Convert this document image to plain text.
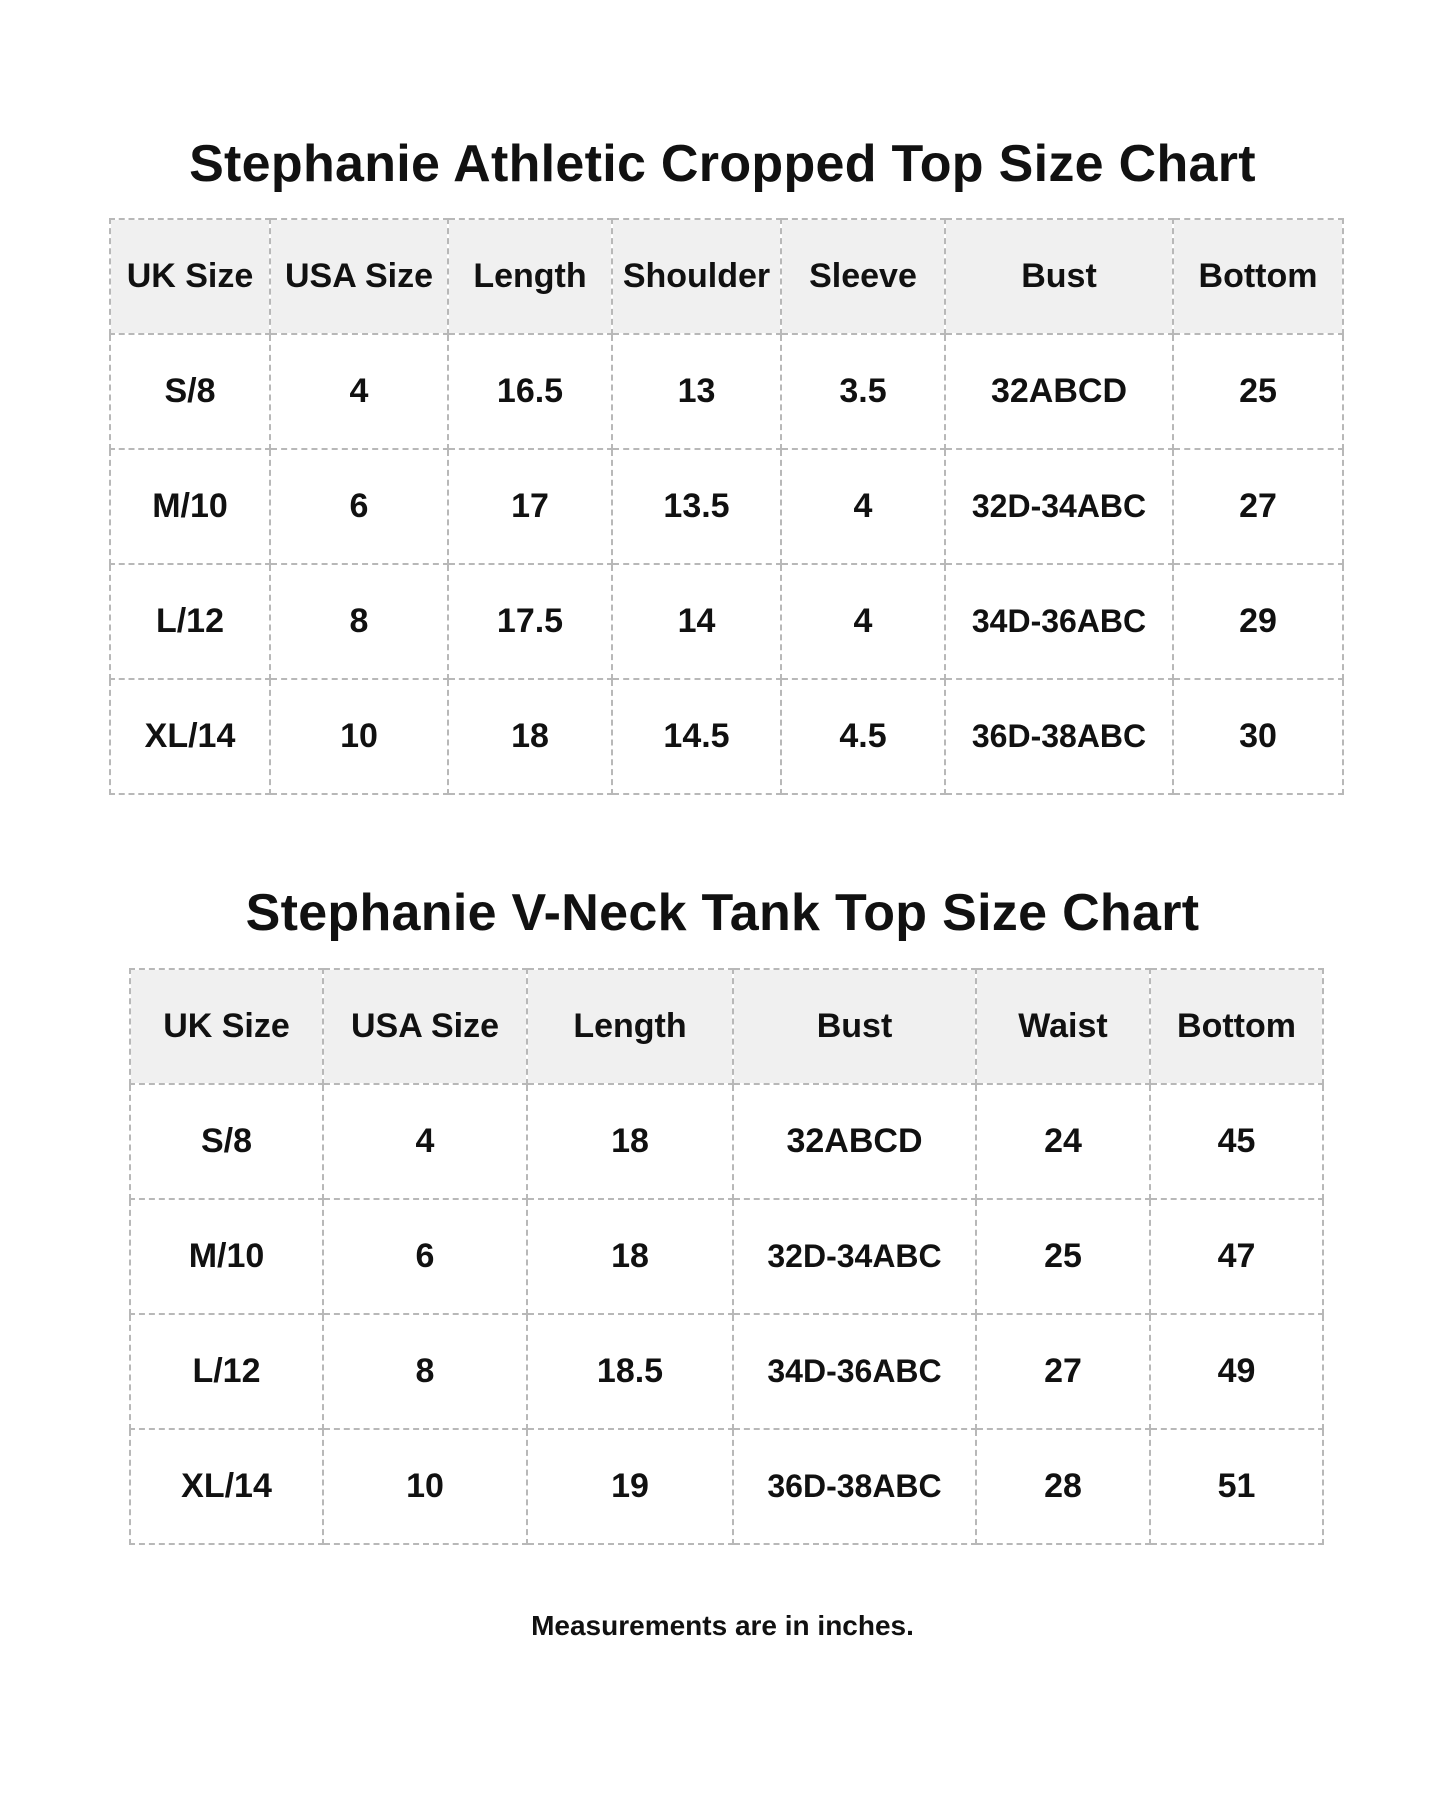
Stephanie Athletic Cropped Top Size Chart
UK Size	USA Size	Length	Shoulder	Sleeve	Bust	Bottom
S/8	4	16.5	13	3.5	32ABCD	25
M/10	6	17	13.5	4	32D-34ABC	27
L/12	8	17.5	14	4	34D-36ABC	29
XL/14	10	18	14.5	4.5	36D-38ABC	30
Stephanie V-Neck Tank Top Size Chart
UK Size	USA Size	Length	Bust	Waist	Bottom
S/8	4	18	32ABCD	24	45
M/10	6	18	32D-34ABC	25	47
L/12	8	18.5	34D-36ABC	27	49
XL/14	10	19	36D-38ABC	28	51

Measurements are in inches.
